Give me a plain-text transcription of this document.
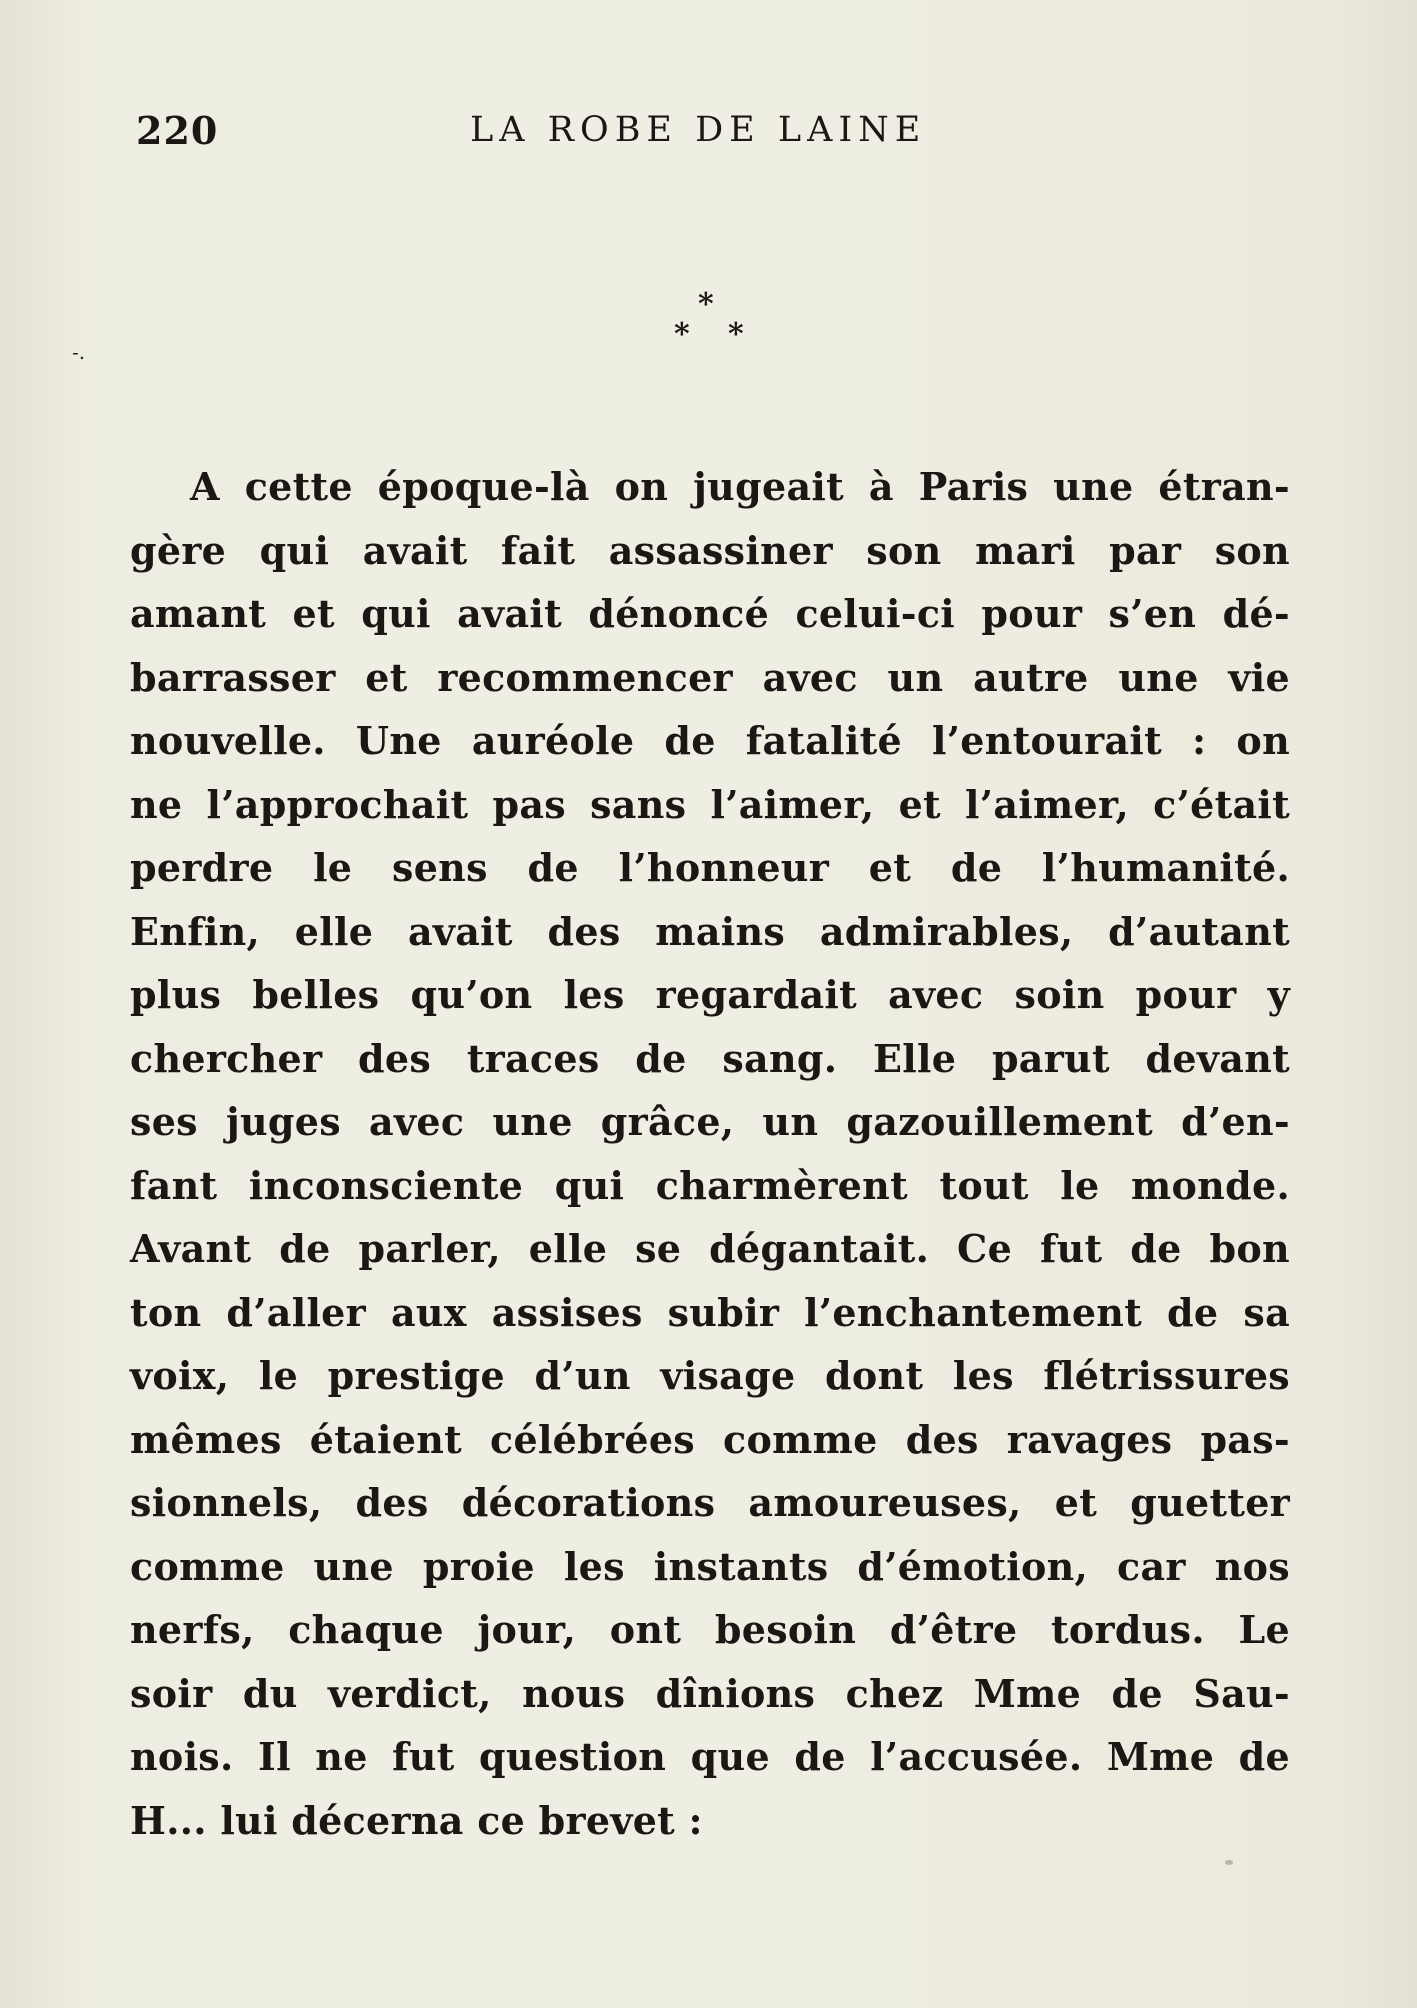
220	LA ROBE DE LAINE
*
* *
-.
A cette époque-là on jugeait à Paris une étran-
gère qui avait fait assassiner son mari par son
amant et qui avait dénoncé celui-ci pour s’en dé-
barrasser et recommencer avec un autre une vie
nouvelle. Une auréole de fatalité l’entourait : on
ne l’approchait pas sans l’aimer, et l’aimer, c’était
perdre le sens de l’honneur et de l’humanité.
Enfin, elle avait des mains admirables, d’autant
plus belles qu’on les regardait avec soin pour y
chercher des traces de sang. Elle parut devant
ses juges avec une grâce, un gazouillement d’en-
fant inconsciente qui charmèrent tout le monde.
Avant de parler, elle se dégantait. Ce fut de bon
ton d’aller aux assises subir l’enchantement de sa
voix, le prestige d’un visage dont les flétrissures
mêmes étaient célébrées comme des ravages pas-
sionnels, des décorations amoureuses, et guetter
comme une proie les instants d’émotion, car nos
nerfs, chaque jour, ont besoin d’être tordus. Le
soir du verdict, nous dînions chez Mme de Sau-
nois. Il ne fut question que de l’accusée. Mme de
H... lui décerna ce brevet :
